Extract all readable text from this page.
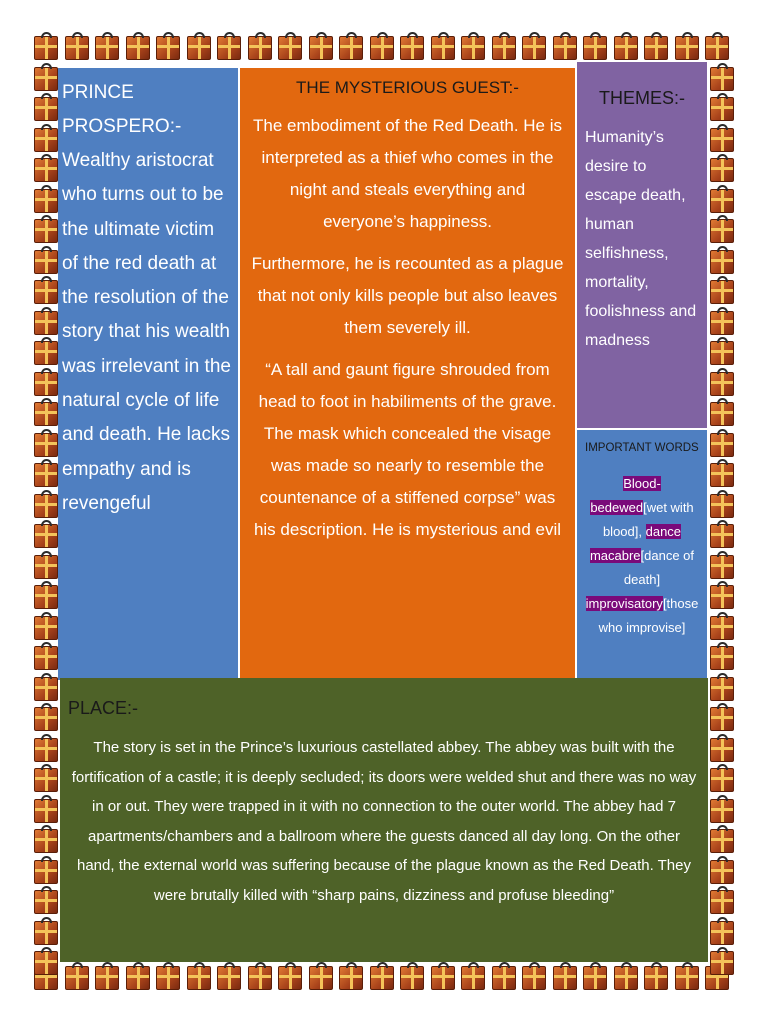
PRINCE PROSPERO:-
Wealthy aristocrat who turns out to be the ultimate victim of the red death at the resolution of the story that his wealth was irrelevant in the natural cycle of life and death. He lacks empathy and is revengeful
THE MYSTERIOUS GUEST:-

The embodiment of the Red Death. He is interpreted as a thief who comes in the night and steals everything and everyone’s happiness.

Furthermore, he is recounted as a plague that not only kills people but also leaves them severely ill.

“A tall and gaunt figure shrouded from head to foot in habiliments of the grave. The mask which concealed the visage was made so nearly to resemble the countenance of a stiffened corpse” was his description. He is mysterious and evil

THEMES:-
Humanity’s desire to escape death, human selfishness, mortality, foolishness and madness
IMPORTANT WORDS
Blood-bedewed[wet with blood], dance macabre[dance of death] improvisatory[those who improvise]
PLACE:-
The story is set in the Prince’s luxurious castellated abbey. The abbey was built with the fortification of a castle; it is deeply secluded; its doors were welded shut and there was no way in or out. They were trapped in it with no connection to the outer world. The abbey had 7 apartments/chambers and a ballroom where the guests danced all day long. On the other hand, the external world was suffering because of the plague known as the Red Death. They were brutally killed with “sharp pains, dizziness and profuse bleeding”
